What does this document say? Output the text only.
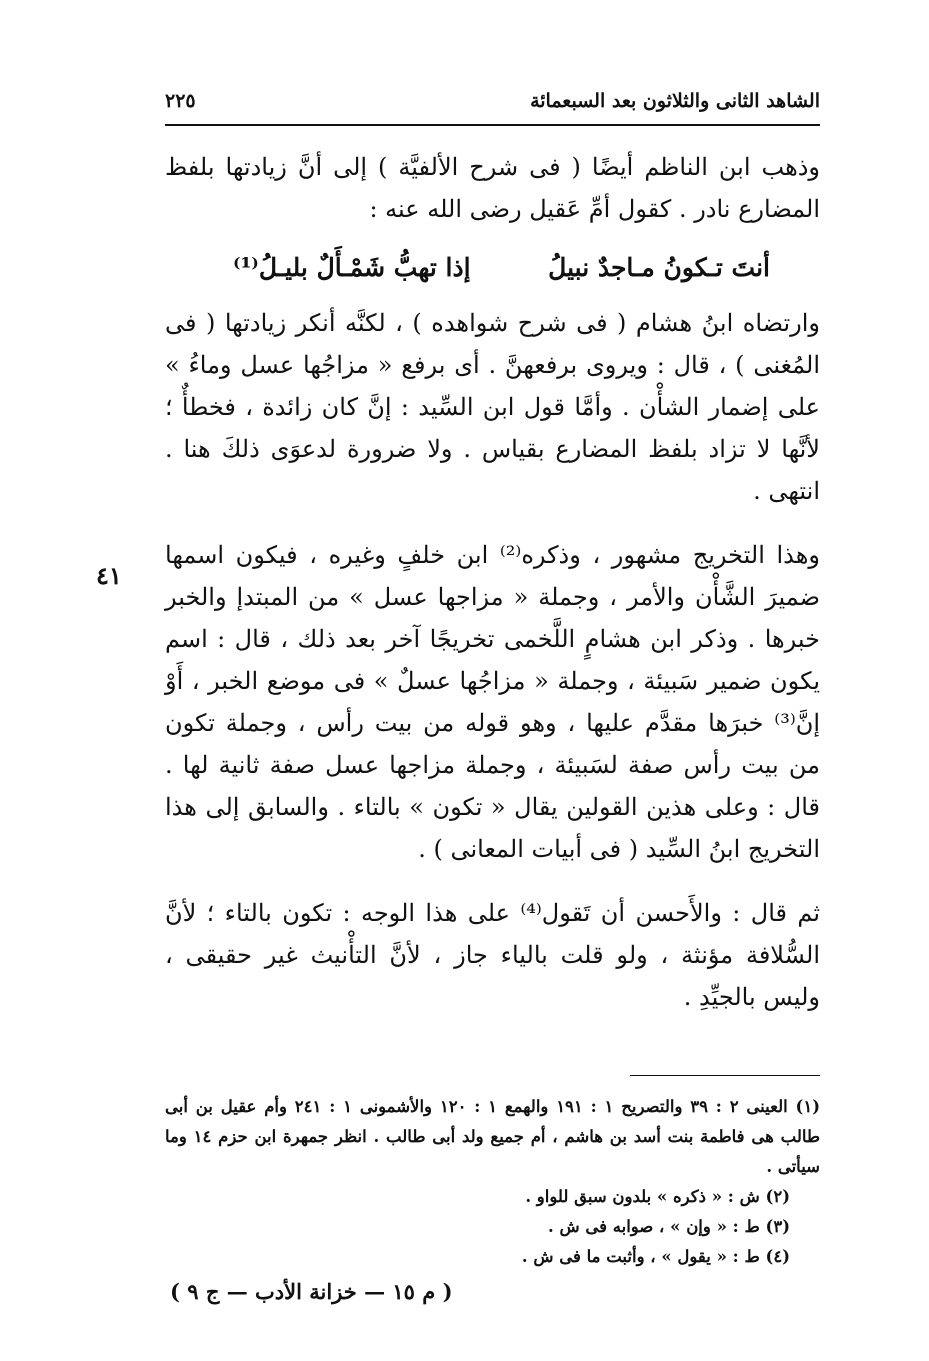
الشاهد الثانى والثلاثون بعد السبعمائة
٢٢٥

وذهب ابن الناظم أيضًا ( فى شرح الألفيَّة ) إلى أنَّ زيادتها بلفظ المضارع نادر . كقول أمِّ عَقيل رضى الله عنه :

أنتَ تـكونُ مـاجدٌ نبيلُ
إذا تهبُّ شَمْـأَلٌ بليـلُ⁽¹⁾

وارتضاه ابنُ هشام ( فى شرح شواهده ) ، لكنَّه أنكر زيادتها ( فى المُغنى ) ، قال : ويروى برفعهنَّ . أى برفع « مزاجُها عسل وماءُ » على إضمار الشأْن . وأمَّا قول ابن السِّيد : إنَّ كان زائدة ، فخطأٌ ؛ لأنَّها لا تزاد بلفظ المضارع بقياس . ولا ضرورة لدعوَى ذلكَ هنا . انتهى .

وهذا التخريج مشهور ، وذكره⁽²⁾ ابن خلفٍ وغيره ، فيكون اسمها ضميرَ الشَّأْن والأمر ، وجملة « مزاجها عسل » من المبتدإ والخبر خبرها . وذكر ابن هشامٍ اللَّخمى تخريجًا آخر بعد ذلك ، قال : اسم يكون ضمير سَبيئة ، وجملة « مزاجُها عسلٌ » فى موضع الخبر ، أَوْ إنَّ⁽³⁾ خبرَها مقدَّم عليها ، وهو قوله من بيت رأس ، وجملة تكون من بيت رأس صفة لسَبيئة ، وجملة مزاجها عسل صفة ثانية لها . قال : وعلى هذين القولين يقال « تكون » بالتاء . والسابق إلى هذا التخريج ابنُ السِّيد ( فى أبيات المعانى ) .

ثم قال : والأَحسن أن تَقول⁽⁴⁾ على هذا الوجه : تكون بالتاء ؛ لأنَّ السُّلافة مؤنثة ، ولو قلت بالياء جاز ، لأنَّ التأْنيث غير حقيقى ، وليس بالجيِّدِ .

٤١

(١) العينى ٢ : ٣٩ والتصريح ١ : ١٩١ والهمع ١ : ١٢٠ والأشمونى ١ : ٢٤١ وأم عقيل بن أبى طالب هى فاطمة بنت أسد بن هاشم ، أم جميع ولد أبى طالب . انظر جمهرة ابن حزم ١٤ وما سيأتى .

(٢) ش : « ذكره » بلدون سبق للواو .

(٣) ط : « وإن » ، صوابه فى ش .

(٤) ط : « يقول » ، وأثبت ما فى ش .

( م ١٥ — خزانة الأدب — ج ٩ )
